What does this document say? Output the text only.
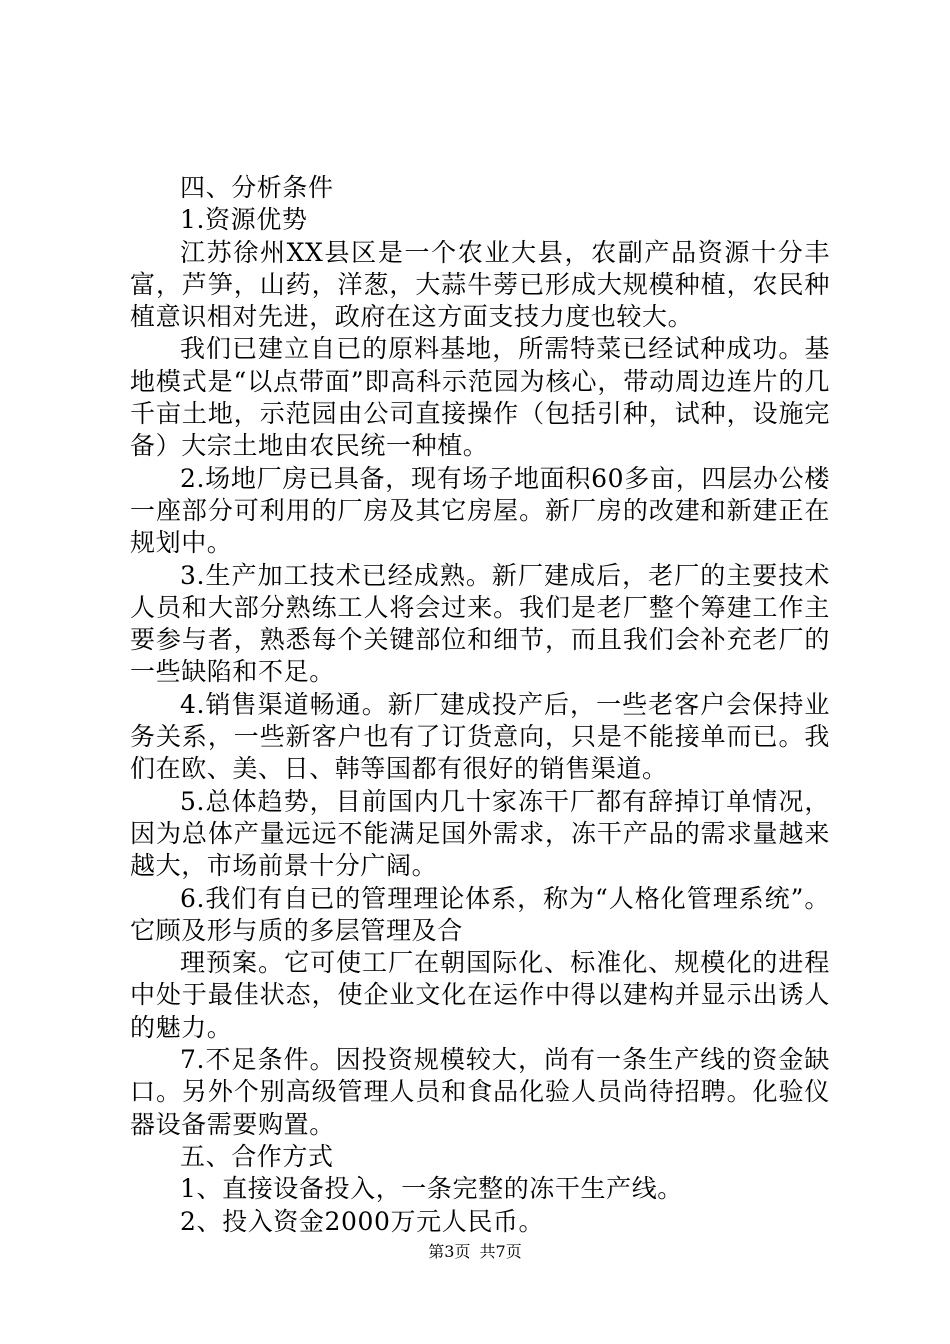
四、分析条件

1.资源优势

江苏徐州XX县区是一个农业大县，农副产品资源十分丰富，芦笋，山药，洋葱，大蒜牛蒡已形成大规模种植，农民种植意识相对先进，政府在这方面支技力度也较大。

我们已建立自已的原料基地，所需特菜已经试种成功。基地模式是“以点带面”即高科示范园为核心，带动周边连片的几千亩土地，示范园由公司直接操作（包括引种，试种，设施完备）大宗土地由农民统一种植。

2.场地厂房已具备，现有场子地面积60多亩，四层办公楼一座部分可利用的厂房及其它房屋。新厂房的改建和新建正在规划中。

3.生产加工技术已经成熟。新厂建成后，老厂的主要技术人员和大部分熟练工人将会过来。我们是老厂整个筹建工作主要参与者，熟悉每个关键部位和细节，而且我们会补充老厂的一些缺陷和不足。

4.销售渠道畅通。新厂建成投产后，一些老客户会保持业务关系，一些新客户也有了订货意向，只是不能接单而已。我们在欧、美、日、韩等国都有很好的销售渠道。

5.总体趋势，目前国内几十家冻干厂都有辞掉订单情况，因为总体产量远远不能满足国外需求，冻干产品的需求量越来越大，市场前景十分广阔。

6.我们有自已的管理理论体系，称为“人格化管理系统”。它顾及形与质的多层管理及合

理预案。它可使工厂在朝国际化、标准化、规模化的进程中处于最佳状态，使企业文化在运作中得以建构并显示出诱人的魅力。

7.不足条件。因投资规模较大，尚有一条生产线的资金缺口。另外个别高级管理人员和食品化验人员尚待招聘。化验仪器设备需要购置。

五、合作方式

1、直接设备投入，一条完整的冻干生产线。

2、投入资金2000万元人民币。

第3页 共7页
